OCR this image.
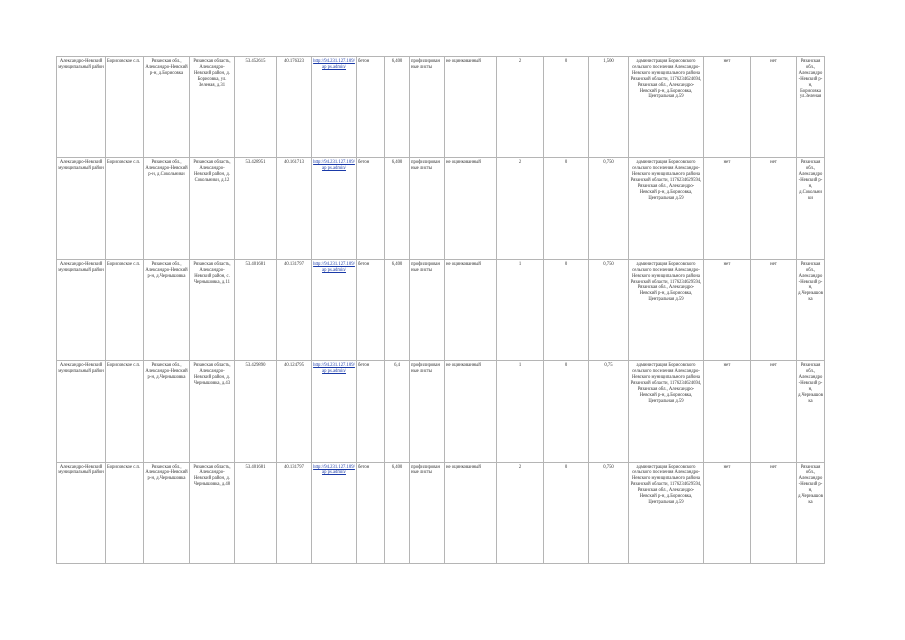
Александро-Невский муниципальный район	Борисовское с.п.	Рязанская обл., Александро-Невский р-н, д.Борисовка	Рязанская область, Александро-Невский район, д. Борисовка, ул. Зеленая, д.31	53.452615	40.176323	http://94.231.127.109/ap ps.admin/	бетон	6,400	профилирован ные листы	не оцинкованный	2	0	1,500	администрация Борисовского сельского поселения Александро-Невского муниципального района Рязанской области, 1176234624694, Рязанская обл., Александро-Невский р-н, д.Борисовка, Центральная д.59	нет	нет	Рязанская обл., Александро-Невский р-н, Борисовка ул.Зеленая
Александро-Невский муниципальный район	Борисовское с.п.	Рязанская обл., Александро-Невский р-н, д.Сокольники	Рязанская область, Александро-Невский район, д. Сокольники, д.12	53.428951	40.161713	http://94.231.127.109/ap ps.admin/	бетон	6,400	профилирован ные листы	не оцинкованный	2	0	0,750	администрация Борисовского сельского поселения Александро-Невского муниципального района Рязанской области, 1176234629594, Рязанская обл., Александро-Невский р-н, д.Борисовка, Центральная д.59	нет	нет	Рязанская обл., Александро-Невский р-н, д.Сокольники
Александро-Невский муниципальный район	Борисовское с.п.	Рязанская обл., Александро-Невский р-н, д.Чернышовка	Рязанская область, Александро-Невский район, с. Чернышовка, д.11	53.401681	40.131797	http://94.231.127.109/ap ps.admin/	бетон	6,400	профилирован ные листы	не оцинкованный	1	0	0,750	администрация Борисовского сельского поселения Александро-Невского муниципального района Рязанской области, 1176234629594, Рязанская обл., Александро-Невский р-н, д.Борисовка, Центральная д.59	нет	нет	Рязанская обл., Александро-Невский р-н, д.Чернышовка
Александро-Невский муниципальный район	Борисовское с.п.	Рязанская обл., Александро-Невский р-н, д.Чернышовка	Рязанская область, Александро-Невский район, д. Чернышовка, д.43	53.429890	40.124795	http://94.231.127.109/ap ps.admin/	бетон	6,4	профилирован ные листы	не оцинкованный	1	0	0,75	администрация Борисовского сельского поселения Александро-Невского муниципального района Рязанской области, 1176234624694, Рязанская обл., Александро-Невский р-н, д.Борисовка, Центральная д.59	нет	нет	Рязанская обл., Александро-Невский р-н, д.Чернышовка
Александро-Невский муниципальный район	Борисовское с.п.	Рязанская обл., Александро-Невский р-н, д.Чернышовка	Рязанская область, Александро-Невский район, д. Чернышовка, д.48	53.401681	40.131797	http://94.231.127.109/ap ps.admin/	бетон	6,400	профилирован ные листы	не оцинкованный	2	0	0,750	администрация Борисовского сельского поселения Александро-Невского муниципального района Рязанской области, 1176234629594, Рязанская обл., Александро-Невский р-н, д.Борисовка, Центральная д.59	нет	нет	Рязанская обл., Александро-Невский р-н, д.Чернышовка
